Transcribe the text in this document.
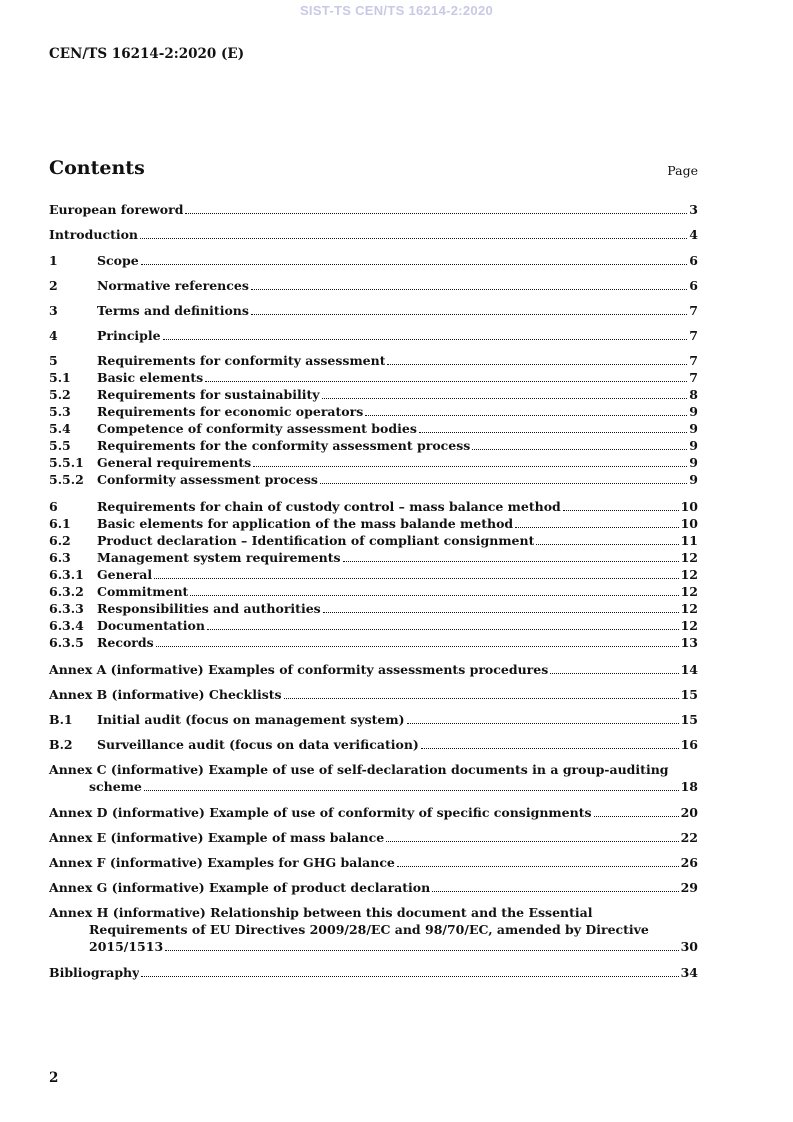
SIST-TS CEN/TS 16214-2:2020
CEN/TS 16214-2:2020 (E)
Contents	Page
European foreword	3
Introduction	4
1	Scope	6
2	Normative references	6
3	Terms and definitions	7
4	Principle	7
5	Requirements for conformity assessment	7
5.1	Basic elements	7
5.2	Requirements for sustainability	8
5.3	Requirements for economic operators	9
5.4	Competence of conformity assessment bodies	9
5.5	Requirements for the conformity assessment process	9
5.5.1	General requirements	9
5.5.2	Conformity assessment process	9
6	Requirements for chain of custody control – mass balance method	10
6.1	Basic elements for application of the mass balande method	10
6.2	Product declaration – Identification of compliant consignment	11
6.3	Management system requirements	12
6.3.1	General	12
6.3.2	Commitment	12
6.3.3	Responsibilities and authorities	12
6.3.4	Documentation	12
6.3.5	Records	13
Annex A (informative) Examples of conformity assessments procedures	14
Annex B (informative) Checklists	15
B.1	Initial audit (focus on management system)	15
B.2	Surveillance audit (focus on data verification)	16
Annex C (informative) Example of use of self-declaration documents in a group-auditing
scheme	18
Annex D (informative) Example of use of conformity of specific consignments	20
Annex E (informative) Example of mass balance	22
Annex F (informative) Examples for GHG balance	26
Annex G (informative) Example of product declaration	29
Annex H (informative) Relationship between this document and the Essential
Requirements of EU Directives 2009/28/EC and 98/70/EC, amended by Directive
2015/1513	30
Bibliography	34
2
